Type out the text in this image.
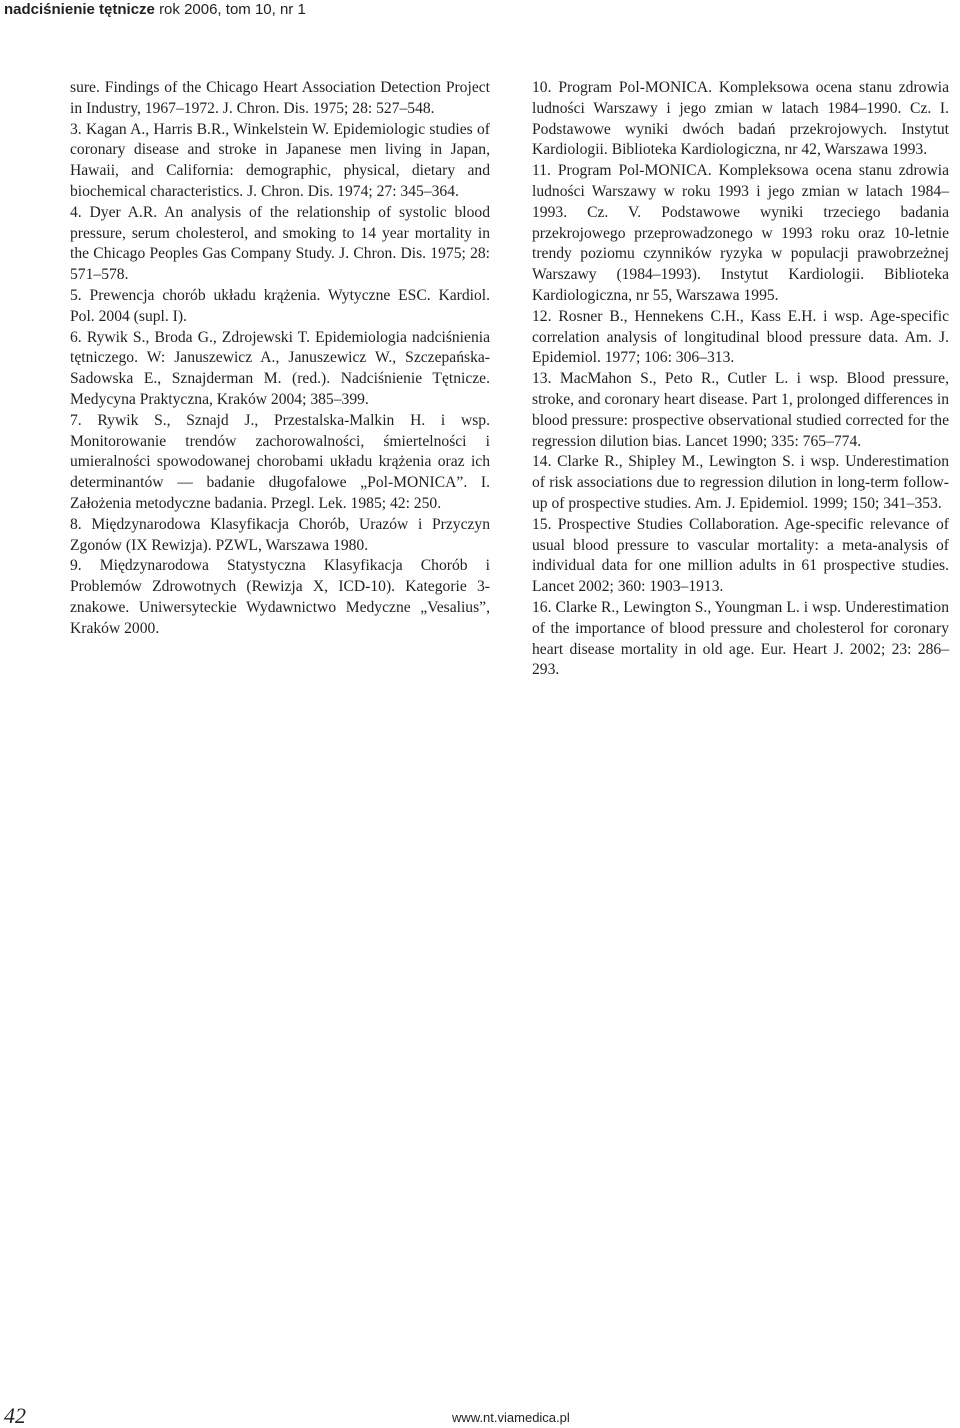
nadciśnienie tętnicze rok 2006, tom 10, nr 1

sure. Findings of the Chicago Heart Association Detection Project in Industry, 1967–1972. J. Chron. Dis. 1975; 28: 527–548.

3. Kagan A., Harris B.R., Winkelstein W. Epidemiologic studies of coronary disease and stroke in Japanese men living in Japan, Hawaii, and California: demographic, physical, dietary and biochemical characteristics. J. Chron. Dis. 1974; 27: 345–364.

4. Dyer A.R. An analysis of the relationship of systolic blood pressure, serum cholesterol, and smoking to 14 year mortality in the Chicago Peoples Gas Company Study. J. Chron. Dis. 1975; 28: 571–578.

5. Prewencja chorób układu krążenia. Wytyczne ESC. Kardiol. Pol. 2004 (supl. I).

6. Rywik S., Broda G., Zdrojewski T. Epidemiologia nadciśnienia tętniczego. W: Januszewicz A., Januszewicz W., Szczepańska-Sadowska E., Sznajderman M. (red.). Nadciśnienie Tętnicze. Medycyna Praktyczna, Kraków 2004; 385–399.

7. Rywik S., Sznajd J., Przestalska-Malkin H. i wsp. Monitorowanie trendów zachorowalności, śmiertelności i umieralności spowodowanej chorobami układu krążenia oraz ich determinantów — badanie długofalowe „Pol-MONICA”. I. Założenia metodyczne badania. Przegl. Lek. 1985; 42: 250.

8. Międzynarodowa Klasyfikacja Chorób, Urazów i Przyczyn Zgonów (IX Rewizja). PZWL, Warszawa 1980.

9. Międzynarodowa Statystyczna Klasyfikacja Chorób i Problemów Zdrowotnych (Rewizja X, ICD-10). Kategorie 3-znakowe. Uniwersyteckie Wydawnictwo Medyczne „Vesalius”, Kraków 2000.

10. Program Pol-MONICA. Kompleksowa ocena stanu zdrowia ludności Warszawy i jego zmian w latach 1984–1990. Cz. I. Podstawowe wyniki dwóch badań przekrojowych. Instytut Kardiologii. Biblioteka Kardiologiczna, nr 42, Warszawa 1993.

11. Program Pol-MONICA. Kompleksowa ocena stanu zdrowia ludności Warszawy w roku 1993 i jego zmian w latach 1984–1993. Cz. V. Podstawowe wyniki trzeciego badania przekrojowego przeprowadzonego w 1993 roku oraz 10-letnie trendy poziomu czynników ryzyka w populacji prawobrzeżnej Warszawy (1984–1993). Instytut Kardiologii. Biblioteka Kardiologiczna, nr 55, Warszawa 1995.

12. Rosner B., Hennekens C.H., Kass E.H. i wsp. Age-specific correlation analysis of longitudinal blood pressure data. Am. J. Epidemiol. 1977; 106: 306–313.

13. MacMahon S., Peto R., Cutler L. i wsp. Blood pressure, stroke, and coronary heart disease. Part 1, prolonged differences in blood pressure: prospective observational studied corrected for the regression dilution bias. Lancet 1990; 335: 765–774.

14. Clarke R., Shipley M., Lewington S. i wsp. Underestimation of risk associations due to regression dilution in long-term follow-up of prospective studies. Am. J. Epidemiol. 1999; 150; 341–353.

15. Prospective Studies Collaboration. Age-specific relevance of usual blood pressure to vascular mortality: a meta-analysis of individual data for one million adults in 61 prospective studies. Lancet 2002; 360: 1903–1913.

16. Clarke R., Lewington S., Youngman L. i wsp. Underestimation of the importance of blood pressure and cholesterol for coronary heart disease mortality in old age. Eur. Heart J. 2002; 23: 286–293.

42	www.nt.viamedica.pl
